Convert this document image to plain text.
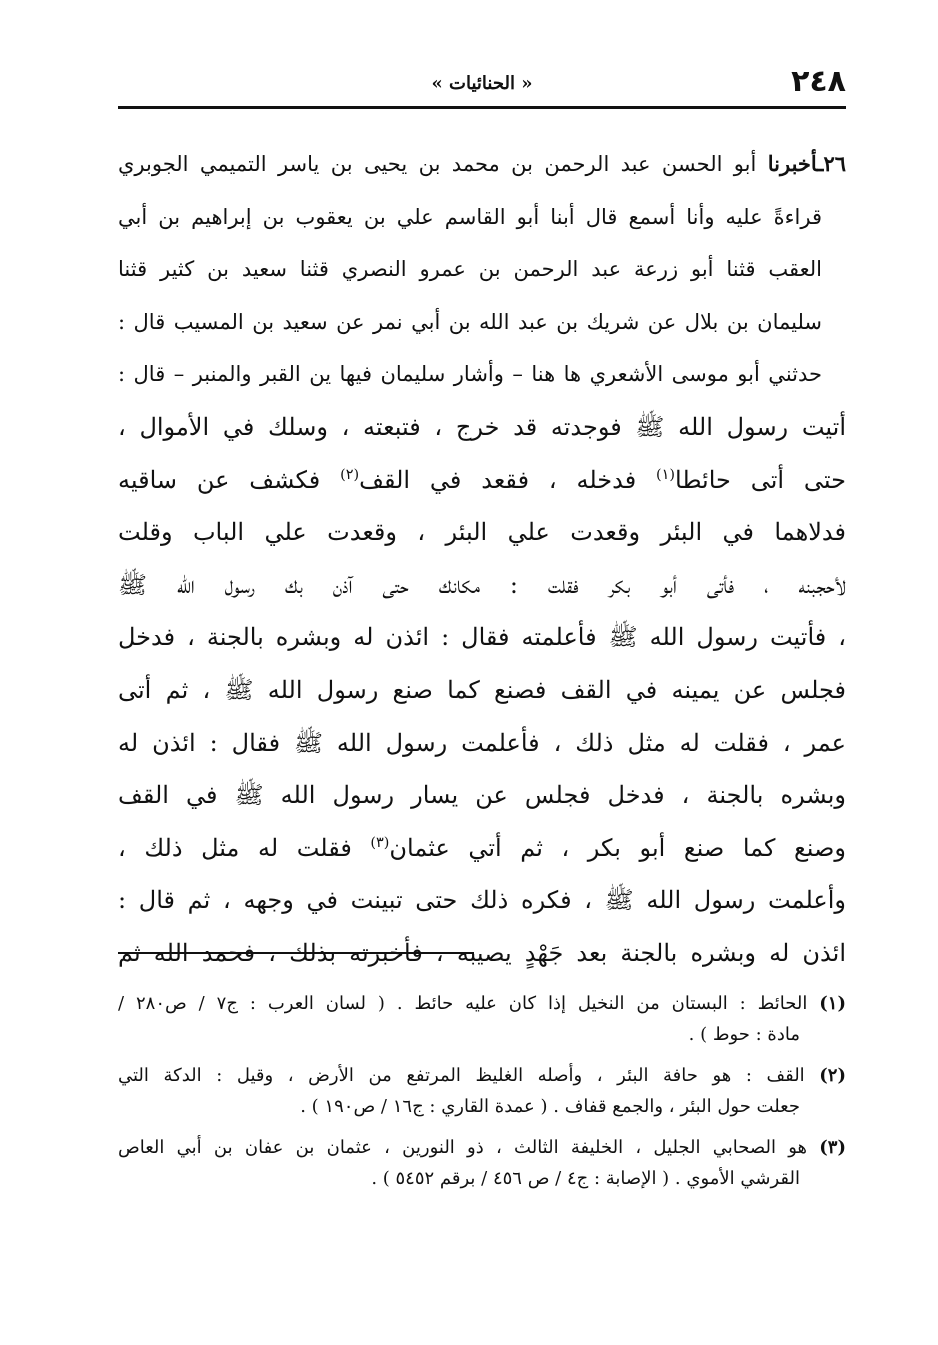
٢٤٨
« الحنائيات »
٢٦ـأخبرنا أبو الحسن عبد الرحمن بن محمد بن يحيى بن ياسر التميمي الجوبري
قراءةً عليه وأنا أسمع قال أبنا أبو القاسم علي بن يعقوب بن إبراهيم بن أبي
العقب قثنا أبو زرعة عبد الرحمن بن عمرو النصري قثنا سعيد بن كثير قثنا
سليمان بن بلال عن شريك بن عبد الله بن أبي نمر عن سعيد بن المسيب قال :
حدثني أبو موسى الأشعري ها هنا – وأشار سليمان فيها ين القبر والمنبر – قال :
أتيت رسول الله ﷺ فوجدته قد خرج ، فتبعته ، وسلك في الأموال ،
حتى أتى حائطا$^{(١)}$ فدخله ، فقعد في القف$^{(٢)}$ فكشف عن ساقيه
فدلاهما في البئر وقعدت علي البئر ، وقعدت علي الباب وقلت
لأحجبنه ، فأتى أبو بكر فقلت : مكانك حتى آذن بك رسول الله ﷺ
، فأتيت رسول الله ﷺ فأعلمته فقال : ائذن له وبشره بالجنة ، فدخل
فجلس عن يمينه في القف فصنع كما صنع رسول الله ﷺ ، ثم أتى
عمر ، فقلت له مثل ذلك ، فأعلمت رسول الله ﷺ فقال : ائذن له
وبشره بالجنة ، فدخل فجلس عن يسار رسول الله ﷺ في القف
وصنع كما صنع أبو بكر ، ثم أتي عثمان$^{(٣)}$ فقلت له مثل ذلك ،
وأعلمت رسول الله ﷺ ، فكره ذلك حتى تبينت في وجهه ، ثم قال :
ائذن له وبشره بالجنة بعد جَهْدٍ يصيبه ، فأخبرته بذلك ، فحمد الله ثم
(١) الحائط : البستان من النخيل إذا كان عليه حائط . ( لسان العرب : ج٧ / ص٢٨٠ /
مادة : حوط ) .
(٢) القف : هو حافة البئر ، وأصله الغليظ المرتفع من الأرض ، وقيل : الدكة التي
جعلت حول البئر ، والجمع قفاف . ( عمدة القاري : ج١٦ / ص١٩٠ ) .
(٣) هو الصحابي الجليل ، الخليفة الثالث ، ذو النورين ، عثمان بن عفان بن أبي العاص
القرشي الأموي . ( الإصابة : ج٤ / ص ٤٥٦ / برقم ٥٤٥٢ ) .
